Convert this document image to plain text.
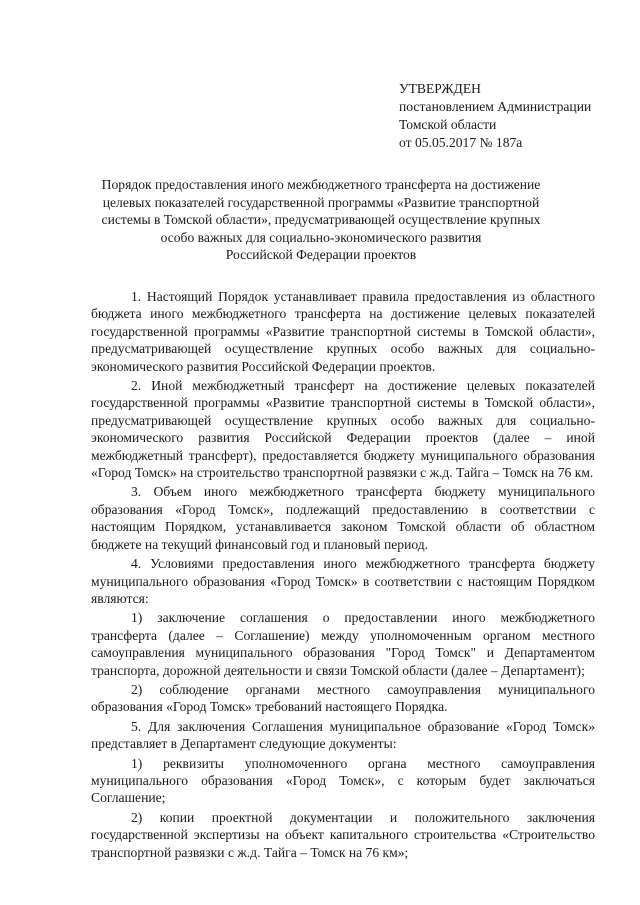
УТВЕРЖДЕН
постановлением Администрации
Томской области
от 05.05.2017 № 187а
Порядок предоставления иного межбюджетного трансферта на достижение
целевых показателей государственной программы «Развитие транспортной
системы в Томской области», предусматривающей осуществление крупных
особо важных для социально-экономического развития
Российской Федерации проектов

1. Настоящий Порядок устанавливает правила предоставления из областного бюджета иного межбюджетного трансферта на достижение целевых показателей государственной программы «Развитие транспортной системы в Томской области», предусматривающей осуществление крупных особо важных для социально-экономического развития Российской Федерации проектов.

2. Иной межбюджетный трансферт на достижение целевых показателей государственной программы «Развитие транспортной системы в Томской области», предусматривающей осуществление крупных особо важных для социально-экономического развития Российской Федерации проектов (далее – иной межбюджетный трансферт), предоставляется бюджету муниципального образования «Город Томск» на строительство транспортной развязки с ж.д. Тайга – Томск на 76 км.

3. Объем иного межбюджетного трансферта бюджету муниципального образования «Город Томск», подлежащий предоставлению в соответствии с настоящим Порядком, устанавливается законом Томской области об областном бюджете на текущий финансовый год и плановый период.

4. Условиями предоставления иного межбюджетного трансферта бюджету муниципального образования «Город Томск» в соответствии с настоящим Порядком являются:

1) заключение соглашения о предоставлении иного межбюджетного трансферта (далее – Соглашение) между уполномоченным органом местного самоуправления муниципального образования "Город Томск" и Департаментом транспорта, дорожной деятельности и связи Томской области (далее – Департамент);

2) соблюдение органами местного самоуправления муниципального образования «Город Томск» требований настоящего Порядка.

5. Для заключения Соглашения муниципальное образование «Город Томск» представляет в Департамент следующие документы:

1) реквизиты уполномоченного органа местного самоуправления муниципального образования «Город Томск», с которым будет заключаться Соглашение;

2) копии проектной документации и положительного заключения государственной экспертизы на объект капитального строительства «Строительство транспортной развязки с ж.д. Тайга – Томск на 76 км»;
